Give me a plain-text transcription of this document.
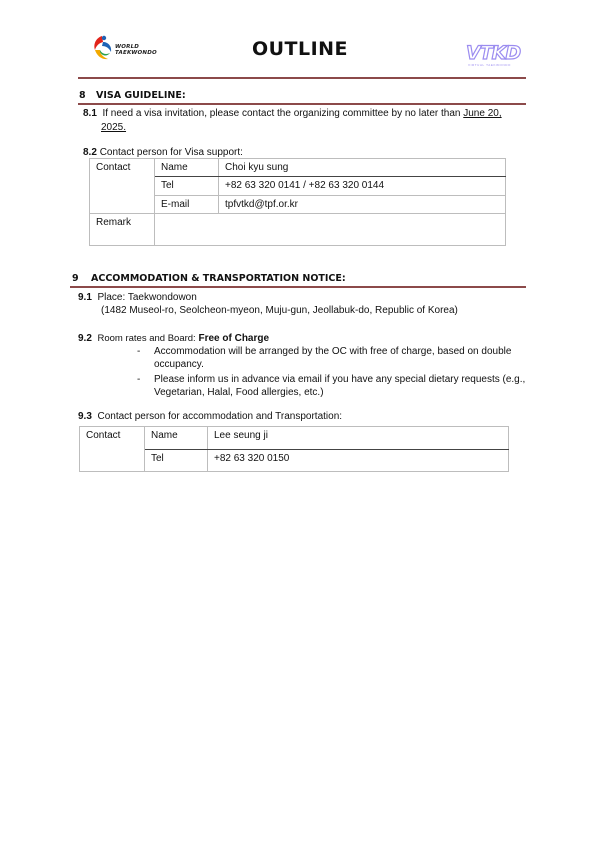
WORLD
TAEKWONDO	OUTLINE	VTKD
VIRTUAL TAEKWONDO
8 VISA GUIDELINE:
8.1 If need a visa invitation, please contact the organizing committee by no later than June 20,
2025.
8.2 Contact person for Visa support:
Contact	Name	Choi kyu sung
	Tel	+82 63 320 0141 / +82 63 320 0144
	E-mail	tpfvtkd@tpf.or.kr
Remark		
9 ACCOMMODATION & TRANSPORTATION NOTICE:
9.1 Place: Taekwondowon
(1482 Museol-ro, Seolcheon-myeon, Muju-gun, Jeollabuk-do, Republic of Korea)
9.2 Room rates and Board: Free of Charge
- Accommodation will be arranged by the OC with free of charge, based on double
occupancy.
- Please inform us in advance via email if you have any special dietary requests (e.g.,
Vegetarian, Halal, Food allergies, etc.)
9.3 Contact person for accommodation and Transportation:
Contact	Name	Lee seung ji
	Tel	+82 63 320 0150
